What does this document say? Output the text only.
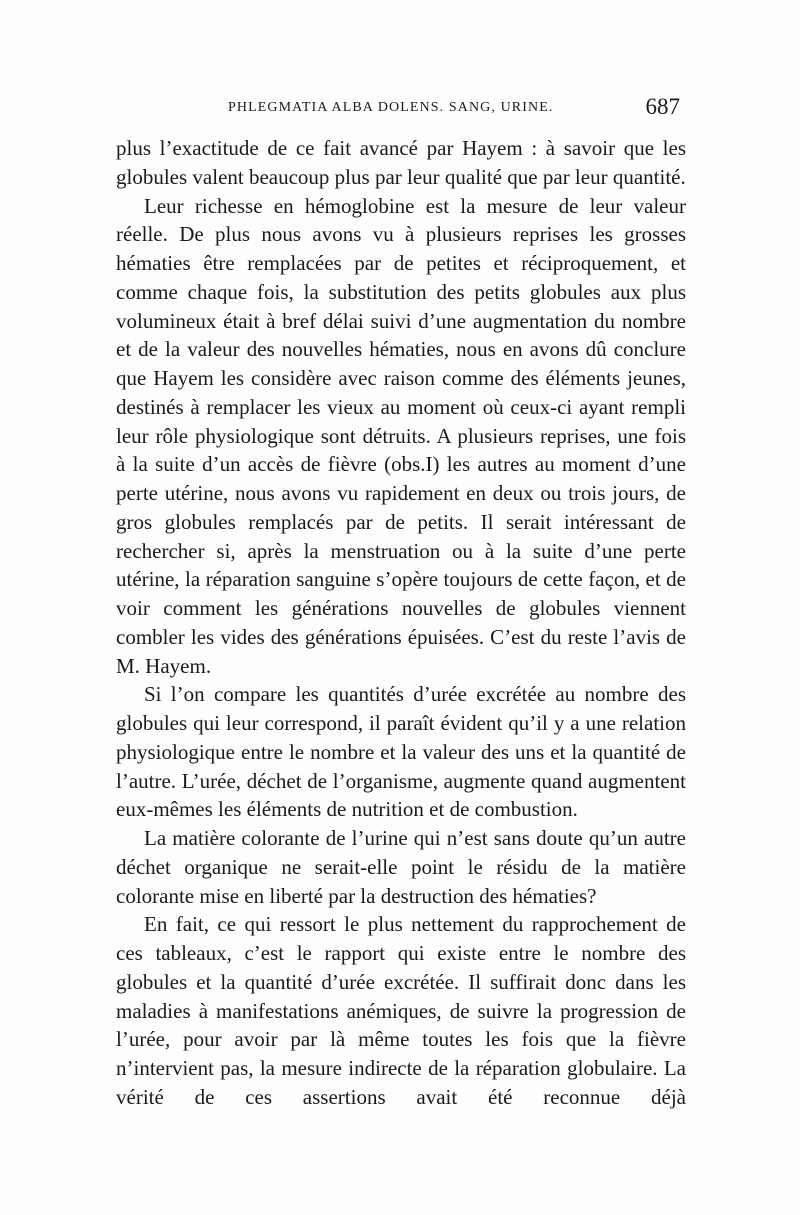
PHLEGMATIA ALBA DOLENS. SANG, URINE.	687

plus l’exactitude de ce fait avancé par Hayem : à savoir que les globules valent beaucoup plus par leur qualité que par leur quantité.

Leur richesse en hémoglobine est la mesure de leur valeur réelle. De plus nous avons vu à plusieurs reprises les grosses hématies être remplacées par de petites et réciproquement, et comme chaque fois, la substitution des petits globules aux plus volumineux était à bref délai suivi d’une augmentation du nombre et de la valeur des nouvelles hématies, nous en avons dû conclure que Hayem les considère avec raison comme des éléments jeunes, destinés à remplacer les vieux au moment où ceux-ci ayant rempli leur rôle physiologique sont détruits. A plusieurs reprises, une fois à la suite d’un accès de fièvre (obs.I) les autres au moment d’une perte utérine, nous avons vu rapidement en deux ou trois jours, de gros globules remplacés par de petits. Il serait intéressant de rechercher si, après la menstruation ou à la suite d’une perte utérine, la réparation sanguine s’opère toujours de cette façon, et de voir comment les générations nouvelles de globules viennent combler les vides des générations épuisées. C’est du reste l’avis de M. Hayem.

Si l’on compare les quantités d’urée excrétée au nombre des globules qui leur correspond, il paraît évident qu’il y a une relation physiologique entre le nombre et la valeur des uns et la quantité de l’autre. L’urée, déchet de l’organisme, augmente quand augmentent eux-mêmes les éléments de nutrition et de combustion.

La matière colorante de l’urine qui n’est sans doute qu’un autre déchet organique ne serait-elle point le résidu de la matière colorante mise en liberté par la destruction des hématies?

En fait, ce qui ressort le plus nettement du rapprochement de ces tableaux, c’est le rapport qui existe entre le nombre des globules et la quantité d’urée excrétée. Il suffirait donc dans les maladies à manifestations anémiques, de suivre la progression de l’urée, pour avoir par là même toutes les fois que la fièvre n’intervient pas, la mesure indirecte de la réparation globulaire. La vérité de ces assertions avait été reconnue déjà
